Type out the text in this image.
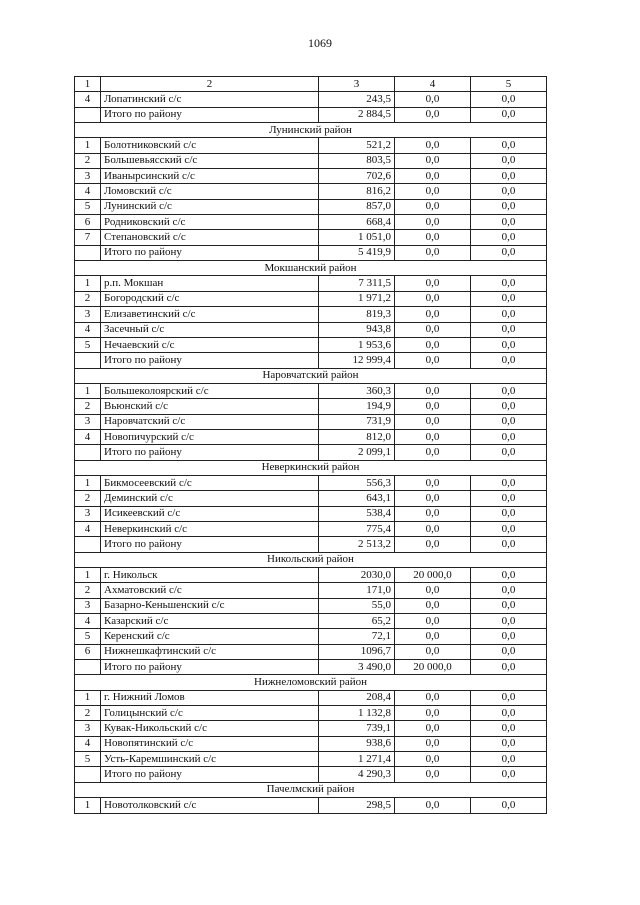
1069
1	2	3	4	5
4	Лопатинский с/с	243,5	0,0	0,0
	Итого по району	2 884,5	0,0	0,0
Лунинский район				
1	Болотниковский с/с	521,2	0,0	0,0
2	Большевьясский с/с	803,5	0,0	0,0
3	Иванырсинский с/с	702,6	0,0	0,0
4	Ломовский с/с	816,2	0,0	0,0
5	Лунинский с/с	857,0	0,0	0,0
6	Родниковский с/с	668,4	0,0	0,0
7	Степановский с/с	1 051,0	0,0	0,0
	Итого по району	5 419,9	0,0	0,0
Мокшанский район				
1	р.п. Мокшан	7 311,5	0,0	0,0
2	Богородский с/с	1 971,2	0,0	0,0
3	Елизаветинский с/с	819,3	0,0	0,0
4	Засечный с/с	943,8	0,0	0,0
5	Нечаевский с/с	1 953,6	0,0	0,0
	Итого по району	12 999,4	0,0	0,0
Наровчатский район				
1	Большеколоярский с/с	360,3	0,0	0,0
2	Вьюнский с/с	194,9	0,0	0,0
3	Наровчатский с/с	731,9	0,0	0,0
4	Новопичурский с/с	812,0	0,0	0,0
	Итого по району	2 099,1	0,0	0,0
Неверкинский район				
1	Бикмосеевский с/с	556,3	0,0	0,0
2	Деминский с/с	643,1	0,0	0,0
3	Исикеевский с/с	538,4	0,0	0,0
4	Неверкинский с/с	775,4	0,0	0,0
	Итого по району	2 513,2	0,0	0,0
Никольский район				
1	г. Никольск	2030,0	20 000,0	0,0
2	Ахматовский с/с	171,0	0,0	0,0
3	Базарно-Кеньшенский с/с	55,0	0,0	0,0
4	Казарский с/с	65,2	0,0	0,0
5	Керенский с/с	72,1	0,0	0,0
6	Нижнешкафтинский с/с	1096,7	0,0	0,0
	Итого по району	3 490,0	20 000,0	0,0
Нижнеломовский район				
1	г. Нижний Ломов	208,4	0,0	0,0
2	Голицынский с/с	1 132,8	0,0	0,0
3	Кувак-Никольский с/с	739,1	0,0	0,0
4	Новопятинский с/с	938,6	0,0	0,0
5	Усть-Каремшинский с/с	1 271,4	0,0	0,0
	Итого по району	4 290,3	0,0	0,0
Пачелмский район				
1	Новотолковский с/с	298,5	0,0	0,0
